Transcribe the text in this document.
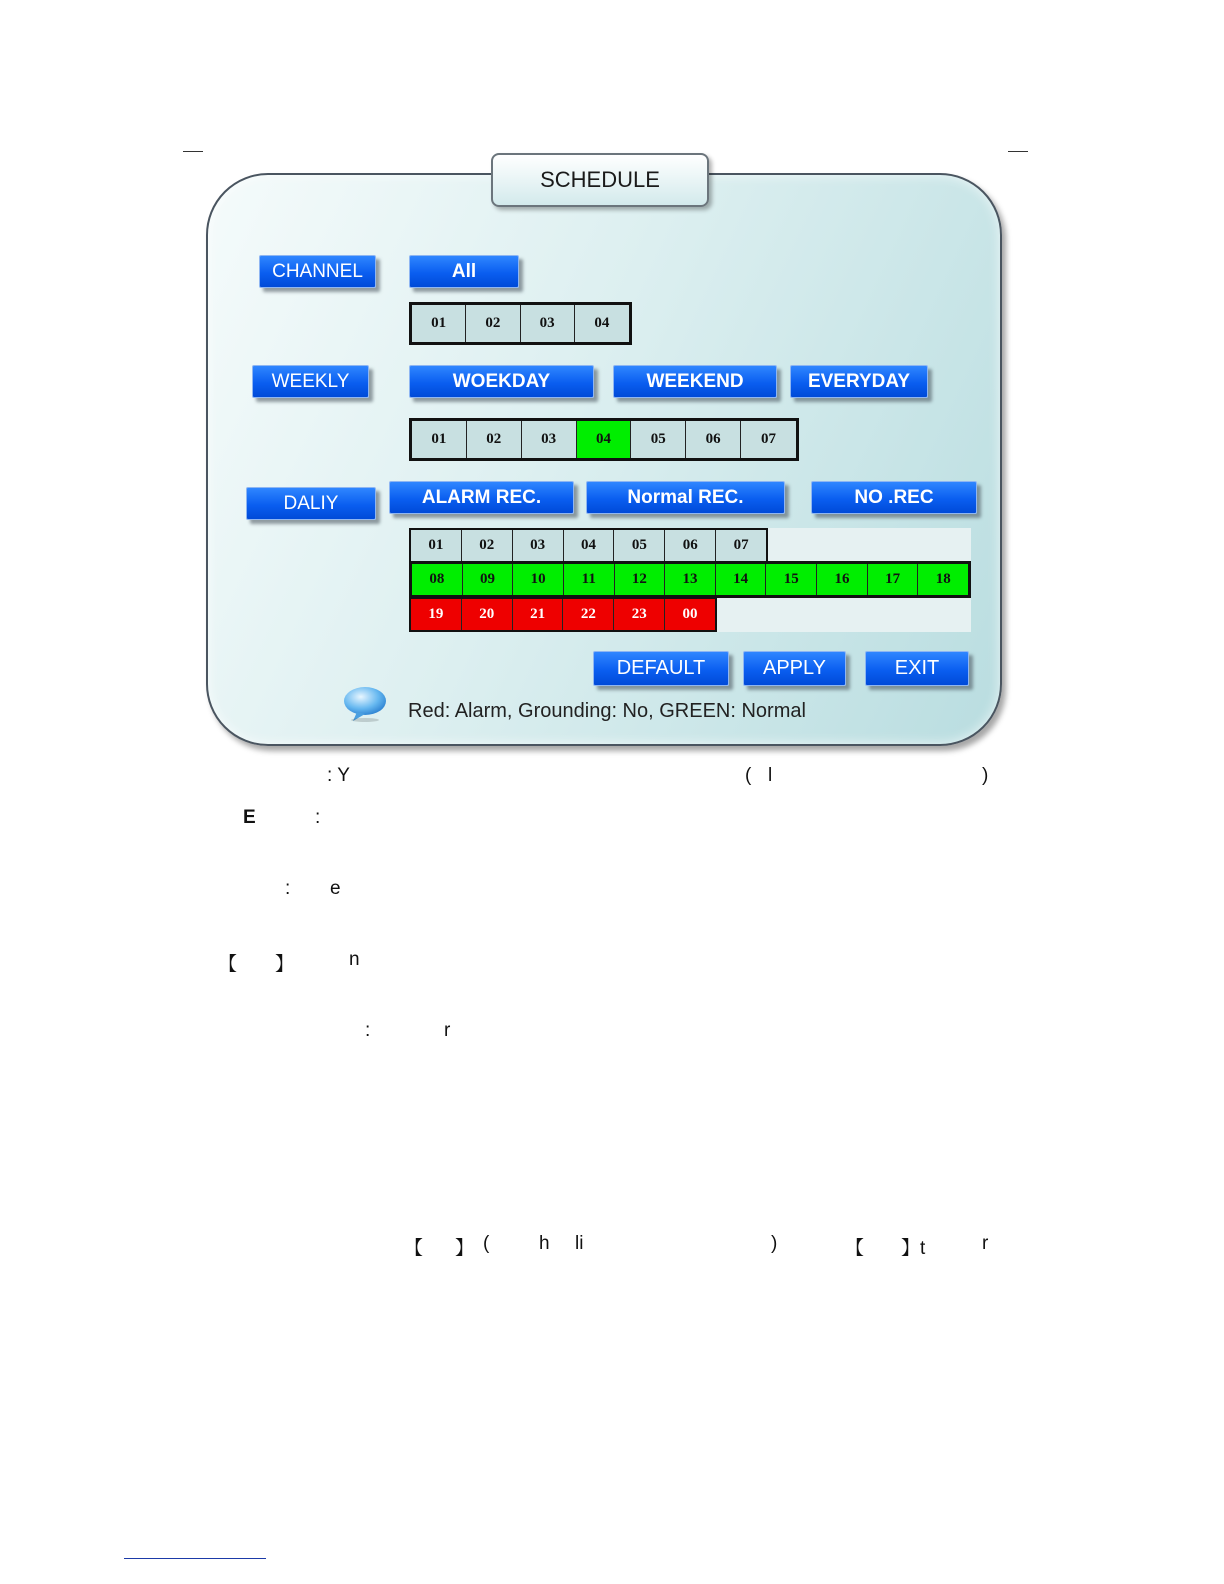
SCHEDULE
CHANNEL	All
01	02	03	04
WEEKLY	WOEKDAY	WEEKEND	EVERYDAY
01	02	03	04	05	06	07
DALIY	ALARM REC.	Normal REC.	NO .REC
01	02	03	04	05	06	07
08	09	10	11	12	13	14	15	16	17	18
19	20	21	22	23	00
DEFAULT	APPLY	EXIT
Red: Alarm, Grounding: No, GREEN: Normal
: Y	( l	)
E	:
: e
【 】	n
:	r
【 】 (	h li	)	【 】t	r
